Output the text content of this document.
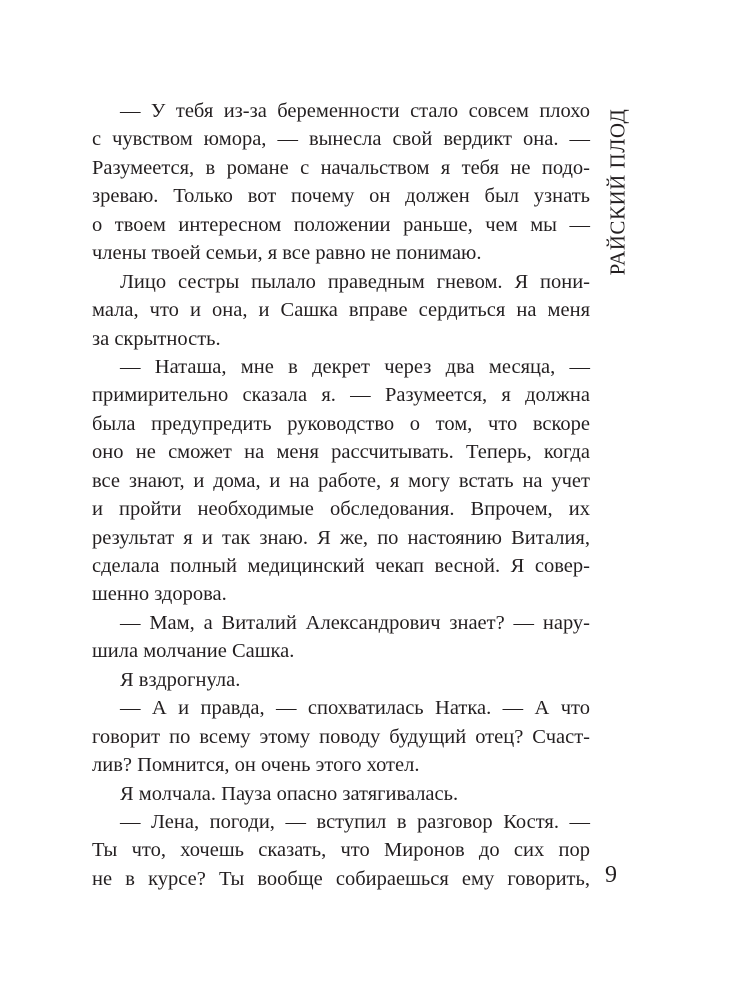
— У тебя из-за беременности стало совсем плохо
с чувством юмора, — вынесла свой вердикт она. —
Разумеется, в романе с начальством я тебя не подо-
зреваю. Только вот почему он должен был узнать
о твоем интересном положении раньше, чем мы —
члены твоей семьи, я все равно не понимаю.
Лицо сестры пылало праведным гневом. Я пони-
мала, что и она, и Сашка вправе сердиться на меня
за скрытность.
— Наташа, мне в декрет через два месяца, —
примирительно сказала я. — Разумеется, я должна
была предупредить руководство о том, что вскоре
оно не сможет на меня рассчитывать. Теперь, когда
все знают, и дома, и на работе, я могу встать на учет
и пройти необходимые обследования. Впрочем, их
результат я и так знаю. Я же, по настоянию Виталия,
сделала полный медицинский чекап весной. Я совер-
шенно здорова.
— Мам, а Виталий Александрович знает? — нару-
шила молчание Сашка.
Я вздрогнула.
— А и правда, — спохватилась Натка. — А что
говорит по всему этому поводу будущий отец? Счаст-
лив? Помнится, он очень этого хотел.
Я молчала. Пауза опасно затягивалась.
— Лена, погоди, — вступил в разговор Костя. —
Ты что, хочешь сказать, что Миронов до сих пор
не в курсе? Ты вообще собираешься ему говорить,
РАЙСКИЙ ПЛОД
9
